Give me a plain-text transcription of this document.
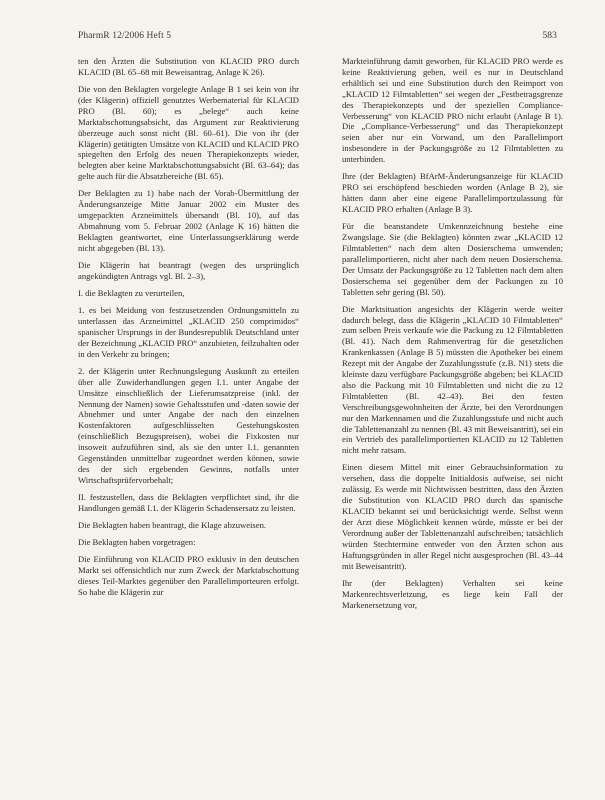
PharmR 12/2006 Heft 5	583

ten den Ärzten die Substitution von KLACID PRO durch KLACID (Bl. 65–68 mit Beweisantrag, Anlage K 26).

Die von den Beklagten vorgelegte Anlage B 1 sei kein von ihr (der Klägerin) offiziell genutztes Werbematerial für KLACID PRO (Bl. 60); es „belege“ auch keine Marktabschottungsabsicht, das Argument zur Reaktivierung überzeuge auch sonst nicht (Bl. 60–61). Die von ihr (der Klägerin) getätigten Umsätze von KLACID und KLACID PRO spiegelten den Erfolg des neuen Therapiekonzepts wieder, belegten aber keine Marktabschottungsabsicht (Bl. 63–64); das gelte auch für die Absatzbereiche (Bl. 65).

Der Beklagten zu 1) habe nach der Vorab-Übermittlung der Änderungsanzeige Mitte Januar 2002 ein Muster des umgepackten Arzneimittels übersandt (Bl. 10), auf das Abmahnung vom 5. Februar 2002 (Anlage K 16) hätten die Beklagten geantwortet, eine Unterlassungserklärung werde nicht abgegeben (Bl. 13).

Die Klägerin hat beantragt (wegen des ursprünglich angekündigten Antrags vgl. Bl. 2–3),

I. die Beklagten zu verurteilen,

1. es bei Meidung von festzusetzenden Ordnungsmitteln zu unterlassen das Arzneimittel „KLACID 250 comprimidos“ spanischer Ursprungs in der Bundesrepublik Deutschland unter der Bezeichnung „KLACID PRO“ anzubieten, feilzuhalten oder in den Verkehr zu bringen;

2. der Klägerin unter Rechnungslegung Auskunft zu erteilen über alle Zuwiderhandlungen gegen I.1. unter Angabe der Umsätze einschließlich der Lieferumsatzpreise (inkl. der Nennung der Namen) sowie Gehaltsstufen und -daten sowie der Abnehmer und unter Angabe der nach den einzelnen Kostenfaktoren aufgeschlüsselten Gestehungskosten (einschließlich Bezugspreisen), wobei die Fixkosten nur insoweit aufzuführen sind, als sie den unter I.1. genannten Gegenständen unmittelbar zugeordnet werden können, sowie des der sich ergebenden Gewinns, notfalls unter Wirtschaftsprüfervorbehalt;

II. festzustellen, dass die Beklagten verpflichtet sind, ihr die Handlungen gemäß I.1. der Klägerin Schadensersatz zu leisten.

Die Beklagten haben beantragt, die Klage abzuweisen.

Die Beklagten haben vorgetragen:

Die Einführung von KLACID PRO exklusiv in den deutschen Markt sei offensichtlich nur zum Zweck der Marktabschottung dieses Teil-Marktes gegenüber den Parallelimporteuren erfolgt. So habe die Klägerin zur

Markteinführung damit geworben, für KLACID PRO werde es keine Reaktivierung geben, weil es nur in Deutschland erhältlich sei und eine Substitution durch den Reimport von „KLACID 12 Filmtabletten“ sei wegen der „Festbetragsgrenze des Therapiekonzepts und der speziellen Compliance-Verbesserung“ von KLACID PRO nicht erlaubt (Anlage B 1). Die „Compliance-Verbesserung“ und das Therapiekonzept seien aber nur ein Vorwand, um den Parallelimport insbesondere in der Packungsgröße zu 12 Filmtabletten zu unterbinden.

Ihre (der Beklagten) BfArM-Änderungsanzeige für KLACID PRO sei erschöpfend beschieden worden (Anlage B 2), sie hätten dann aber eine eigene Parallelimportzulassung für KLACID PRO erhalten (Anlage B 3).

Für die beanstandete Umkennzeichnung bestehe eine Zwangslage. Sie (die Beklagten) könnten zwar „KLACID 12 Filmtabletten“ nach dem alten Dosierschema umwenden; parallelimportieren, nicht aber nach dem neuen Dosierschema. Der Umsatz der Packungsgröße zu 12 Tabletten nach dem alten Dosierschema sei gegenüber dem der Packungen zu 10 Tabletten sehr gering (Bl. 50).

Die Marktsituation angesichts der Klägerin werde weiter dadurch belegt, dass die Klägerin „KLACID 10 Filmtabletten“ zum selben Preis verkaufe wie die Packung zu 12 Filmtabletten (Bl. 41). Nach dem Rahmenvertrag für die gesetzlichen Krankenkassen (Anlage B 5) müssten die Apotheker bei einem Rezept mit der Angabe der Zuzahlungsstufe (z.B. N1) stets die kleinste dazu verfügbare Packungsgröße abgeben; bei KLACID also die Packung mit 10 Filmtabletten und nicht die zu 12 Filmtabletten (Bl. 42–43). Bei den festen Verschreibungsgewohnheiten der Ärzte, bei den Verordnungen nur den Markennamen und die Zuzahlungsstufe und nicht auch die Tablettenanzahl zu nennen (Bl. 43 mit Beweisantritt), sei ein ein Vertrieb des parallelimportierten KLACID zu 12 Tabletten nicht mehr ratsam.

Einen diesem Mittel mit einer Gebrauchsinformation zu versehen, dass die doppelte Initialdosis aufweise, sei nicht zulässig. Es werde mit Nichtwissen bestritten, dass den Ärzten die Substitution von KLACID PRO durch das spanische KLACID bekannt sei und berücksichtigt werde. Selbst wenn der Arzt diese Möglichkeit kennen würde, müsste er bei der Verordnung außer der Tablettenanzahl aufschreiben; tatsächlich würden Stechtermine entweder von den Ärzten schon aus Haftungsgründen in aller Regel nicht ausgesprochen (Bl. 43–44 mit Beweisantritt).

Ihr (der Beklagten) Verhalten sei keine Markenrechtsverletzung, es liege kein Fall der Markenersetzung vor,
